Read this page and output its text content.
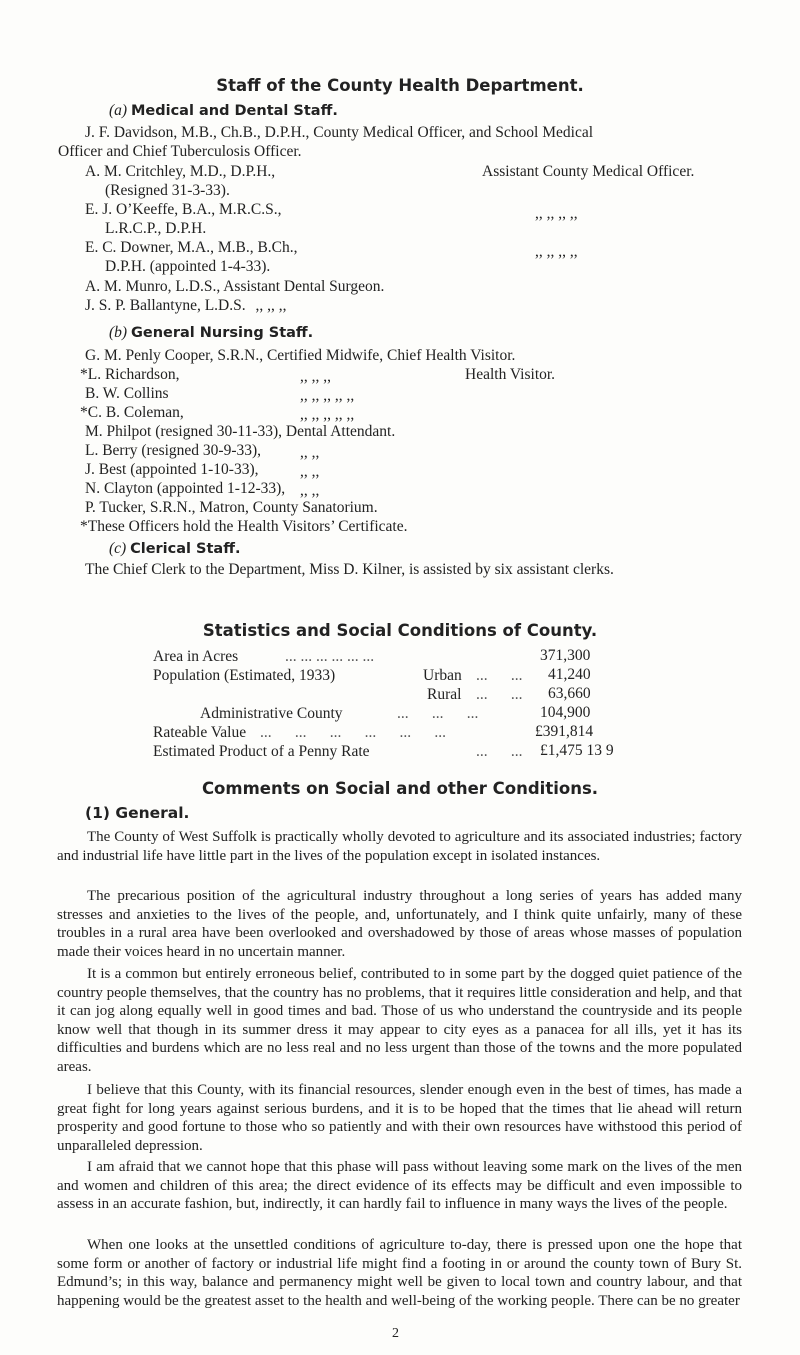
Staff of the County Health Department.
(a) Medical and Dental Staff.
J. F. Davidson, M.B., Ch.B., D.P.H., County Medical Officer, and School Medical
Officer and Chief Tuberculosis Officer.
A. M. Critchley, M.D., D.P.H.,	Assistant County Medical Officer.
(Resigned 31-3-33).
E. J. O’Keeffe, B.A., M.R.C.S.,	,, ,, ,, ,,
L.R.C.P., D.P.H.
E. C. Downer, M.A., M.B., B.Ch.,	,, ,, ,, ,,
D.P.H. (appointed 1-4-33).
A. M. Munro, L.D.S., Assistant Dental Surgeon.
J. S. P. Ballantyne, L.D.S. ,, ,, ,,
(b) General Nursing Staff.
G. M. Penly Cooper, S.R.N., Certified Midwife, Chief Health Visitor.
*L. Richardson,	,, ,, ,,	Health Visitor.
B. W. Collins	,, ,, ,, ,, ,,
*C. B. Coleman,	,, ,, ,, ,, ,,
M. Philpot (resigned 30-11-33), Dental Attendant.
L. Berry (resigned 30-9-33),	,, ,,
J. Best (appointed 1-10-33),	,, ,,
N. Clayton (appointed 1-12-33), ,, ,,
P. Tucker, S.R.N., Matron, County Sanatorium.
*These Officers hold the Health Visitors’ Certificate.
(c) Clerical Staff.
The Chief Clerk to the Department, Miss D. Kilner, is assisted by six assistant clerks.
Statistics and Social Conditions of County.
Area in Acres	... ... ... ... ... ...	371,300
Population (Estimated, 1933)	Urban ...      ... 41,240
Rural ...      ... 63,660
Administrative County	...      ...      ...	104,900
Rateable Value ...      ...      ...      ...      ...      ...	£391,814
Estimated Product of a Penny Rate	...      ... £1,475 13 9
Comments on Social and other Conditions.
(1) General.
The County of West Suffolk is practically wholly devoted to agriculture and its associated industries; factory and industrial life have little part in the lives of the population except in isolated instances.
The precarious position of the agricultural industry throughout a long series of years has added many stresses and anxieties to the lives of the people, and, unfortunately, and I think quite unfairly, many of these troubles in a rural area have been overlooked and overshadowed by those of areas whose masses of population made their voices heard in no uncertain manner.
It is a common but entirely erroneous belief, contributed to in some part by the dogged quiet patience of the country people themselves, that the country has no problems, that it requires little consideration and help, and that it can jog along equally well in good times and bad. Those of us who understand the countryside and its people know well that though in its summer dress it may appear to city eyes as a panacea for all ills, yet it has its difficulties and burdens which are no less real and no less urgent than those of the towns and the more populated areas.
I believe that this County, with its financial resources, slender enough even in the best of times, has made a great fight for long years against serious burdens, and it is to be hoped that the times that lie ahead will return prosperity and good fortune to those who so patiently and with their own resources have withstood this period of unparalleled depression.
I am afraid that we cannot hope that this phase will pass without leaving some mark on the lives of the men and women and children of this area; the direct evidence of its effects may be difficult and even impossible to assess in an accurate fashion, but, indirectly, it can hardly fail to influence in many ways the lives of the people.
When one looks at the unsettled conditions of agriculture to-day, there is pressed upon one the hope that some form or another of factory or industrial life might find a footing in or around the county town of Bury St. Edmund’s; in this way, balance and permanency might well be given to local town and country labour, and that happening would be the greatest asset to the health and well-being of the working people. There can be no greater
2
